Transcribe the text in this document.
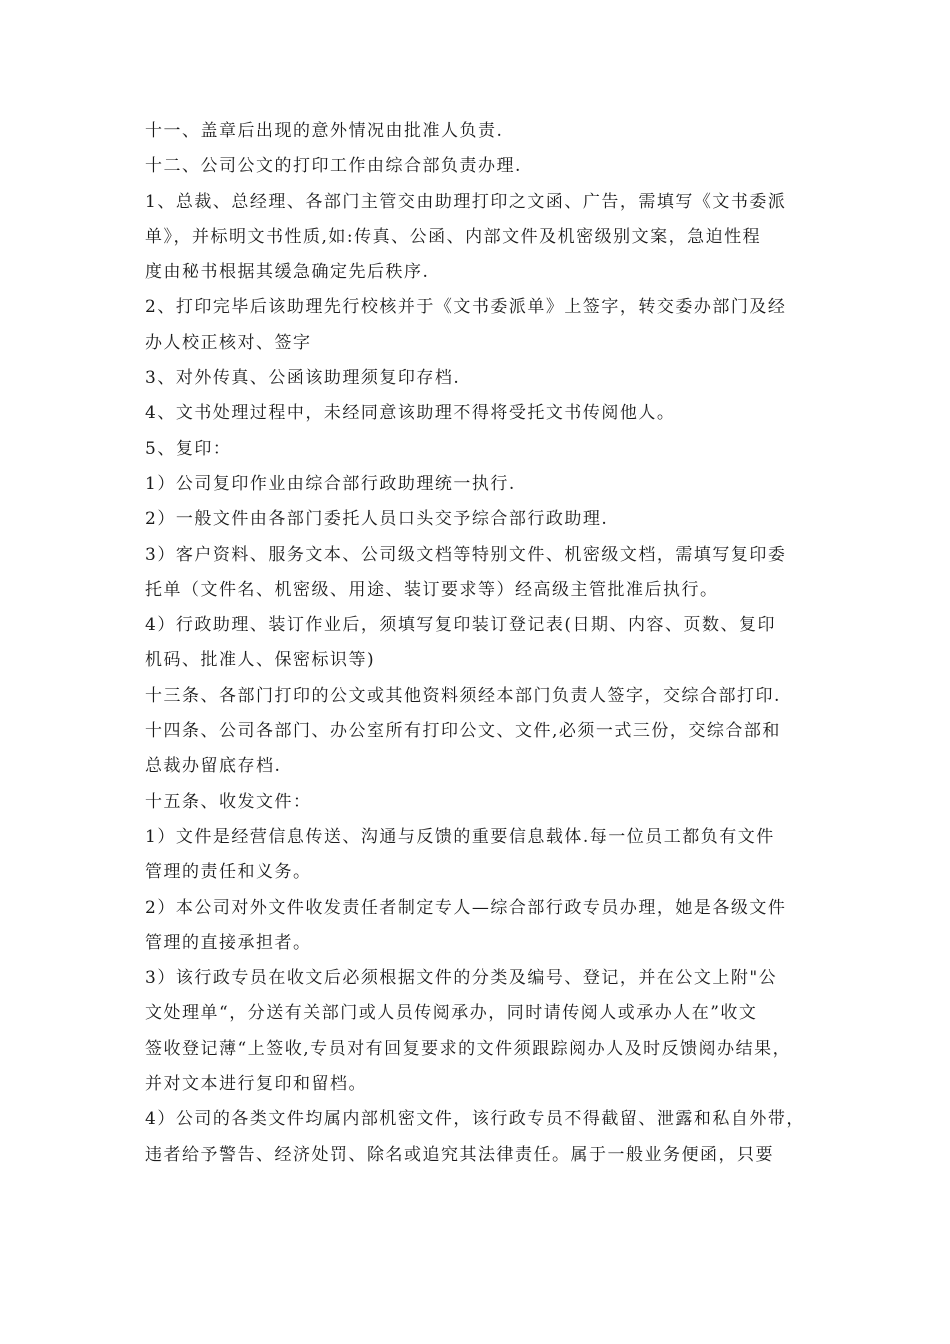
十一、盖章后出现的意外情况由批准人负责.
十二、公司公文的打印工作由综合部负责办理.
1、总裁、总经理、各部门主管交由助理打印之文函、广告，需填写《文书委派
单》，并标明文书性质,如:传真、公函、内部文件及机密级别文案，急迫性程
度由秘书根据其缓急确定先后秩序.
2、打印完毕后该助理先行校核并于《文书委派单》上签字，转交委办部门及经
办人校正核对、签字
3、对外传真、公函该助理须复印存档.
4、文书处理过程中，未经同意该助理不得将受托文书传阅他人。
5、复印：
1）公司复印作业由综合部行政助理统一执行.
2）一般文件由各部门委托人员口头交予综合部行政助理.
3）客户资料、服务文本、公司级文档等特别文件、机密级文档，需填写复印委
托单（文件名、机密级、用途、装订要求等）经高级主管批准后执行。
4）行政助理、装订作业后，须填写复印装订登记表(日期、内容、页数、复印
机码、批准人、保密标识等)
十三条、各部门打印的公文或其他资料须经本部门负责人签字，交综合部打印.
十四条、公司各部门、办公室所有打印公文、文件,必须一式三份，交综合部和
总裁办留底存档.
十五条、收发文件：
1）文件是经营信息传送、沟通与反馈的重要信息载体.每一位员工都负有文件
管理的责任和义务。
2）本公司对外文件收发责任者制定专人—综合部行政专员办理，她是各级文件
管理的直接承担者。
3）该行政专员在收文后必须根据文件的分类及编号、登记，并在公文上附"公
文处理单“，分送有关部门或人员传阅承办，同时请传阅人或承办人在”收文
签收登记薄“上签收,专员对有回复要求的文件须跟踪阅办人及时反馈阅办结果，
并对文本进行复印和留档。
4）公司的各类文件均属内部机密文件，该行政专员不得截留、泄露和私自外带，
违者给予警告、经济处罚、除名或追究其法律责任。属于一般业务便函，只要
